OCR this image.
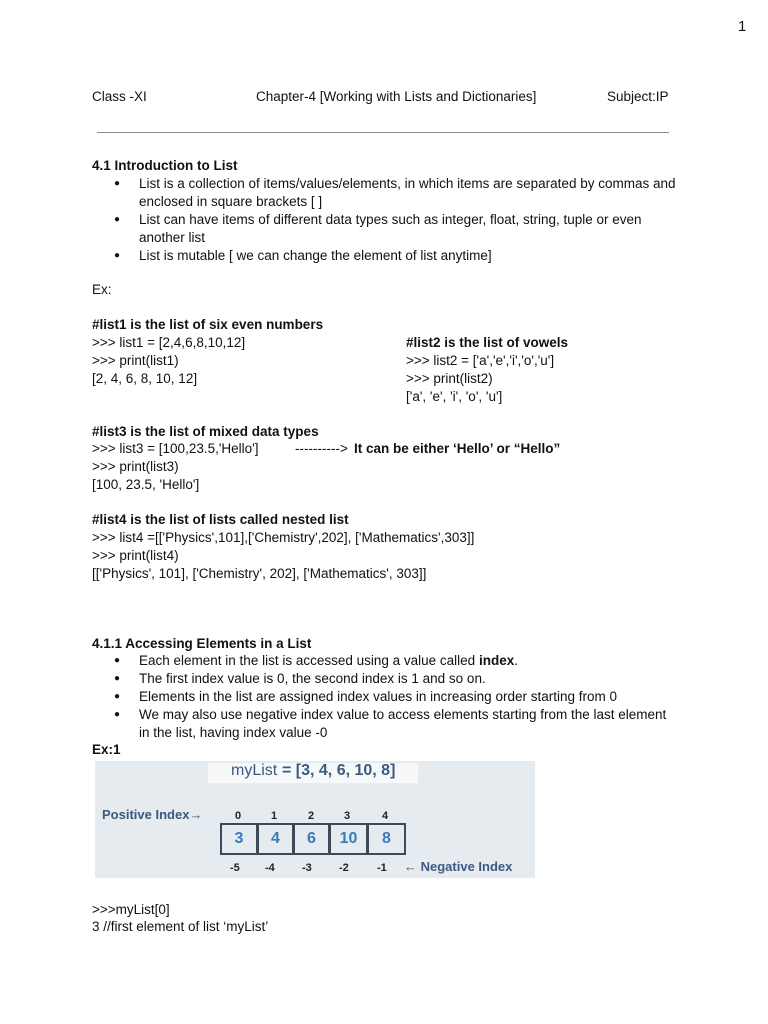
1
Class -XI	Chapter-4 [Working with Lists and Dictionaries]	Subject:IP
4.1 Introduction to List
● List is a collection of items/values/elements, in which items are separated by commas and enclosed in square brackets [ ]
● List can have items of different data types such as integer, float, string, tuple or even another list
● List is mutable [ we can change the element of list anytime]
Ex:
#list1 is the list of six even numbers
>>> list1 = [2,4,6,8,10,12]
>>> print(list1)
[2, 4, 6, 8, 10, 12]
#list2 is the list of vowels
>>> list2 = ['a','e','i','o','u']
>>> print(list2)
['a', 'e', 'i', 'o', 'u']
#list3 is the list of mixed data types
>>> list3 = [100,23.5,'Hello']	----------> It can be either ‘Hello’ or “Hello”
>>> print(list3)
[100, 23.5, 'Hello']
#list4 is the list of lists called nested list
>>> list4 =[['Physics',101],['Chemistry',202], ['Mathematics',303]]
>>> print(list4)
[['Physics', 101], ['Chemistry', 202], ['Mathematics', 303]]
4.1.1 Accessing Elements in a List
● Each element in the list is accessed using a value called index.
● The first index value is 0, the second index is 1 and so on.
● Elements in the list are assigned index values in increasing order starting from 0
● We may also use negative index value to access elements starting from the last element in the list, having index value -0
Ex:1
myList = [3, 4, 6, 10, 8]
Positive Index→
← Negative Index
0	1	2	3	4
3	4	6	10	8
-5 -4 -3 -2	-1
>>>myList[0]
3 //first element of list ‘myList’
